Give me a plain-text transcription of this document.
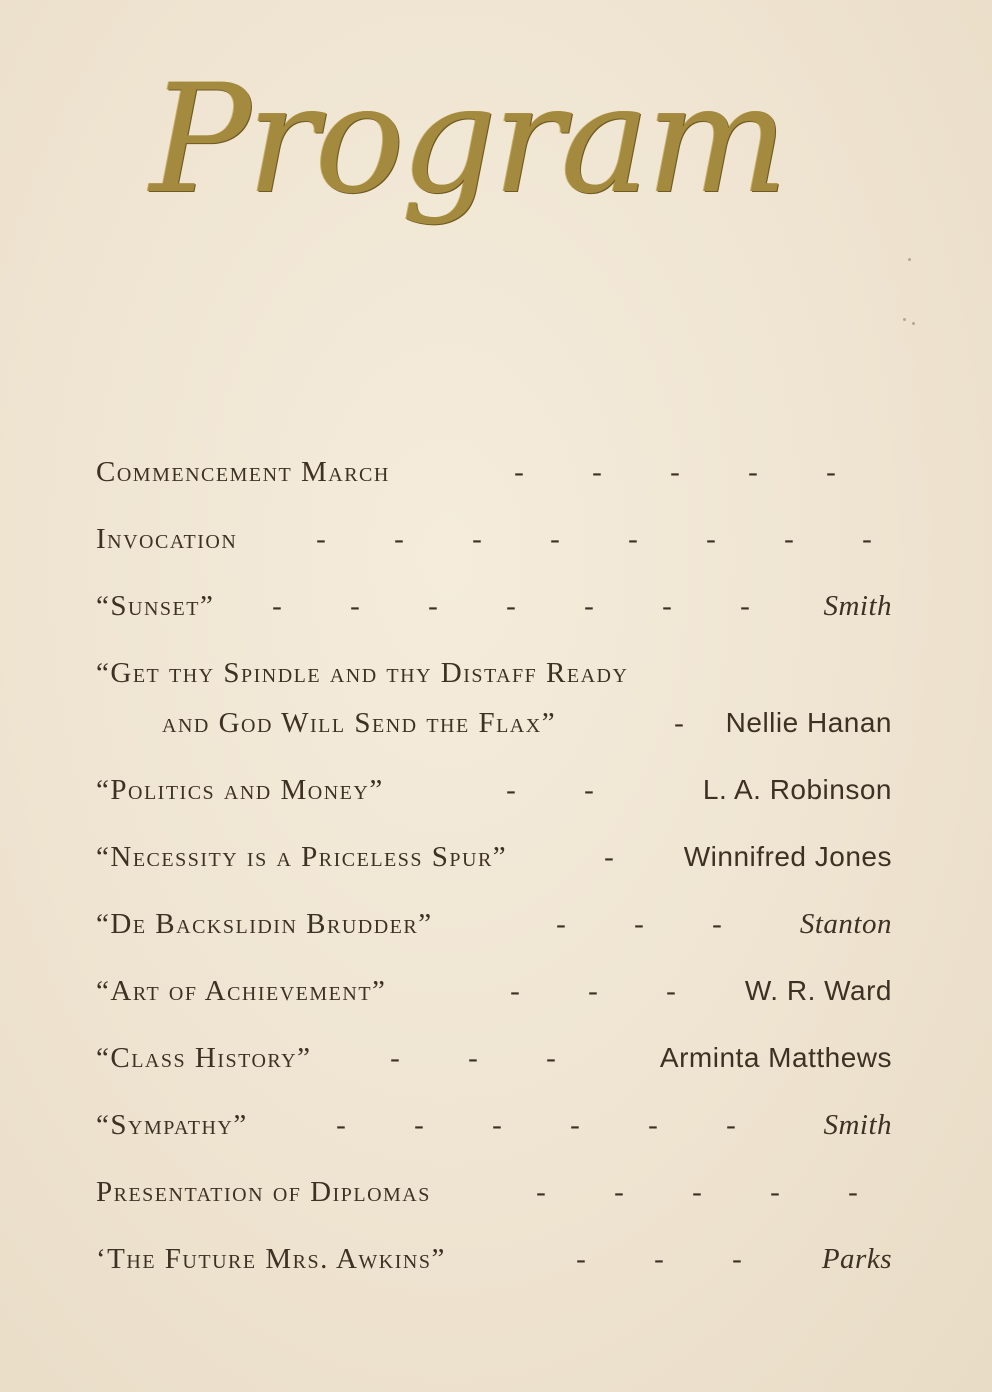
Program
Commencement March	- - - - -
Invocation	- - - - - - - -
“Sunset”	- - - - - - -	Smith
“Get thy Spindle and thy Distaff Ready
and God Will Send the Flax”	-	Nellie Hanan
“Politics and Money”	- -	L. A. Robinson
“Necessity is a Priceless Spur”	-	Winnifred Jones
“De Backslidin Brudder”	- - -	Stanton
“Art of Achievement”	- - -	W. R. Ward
“Class History”	- - -	Arminta Matthews
“Sympathy”	- - - - - -	Smith
Presentation of Diplomas	- - - - -
‘The Future Mrs. Awkins”	- - -	Parks
